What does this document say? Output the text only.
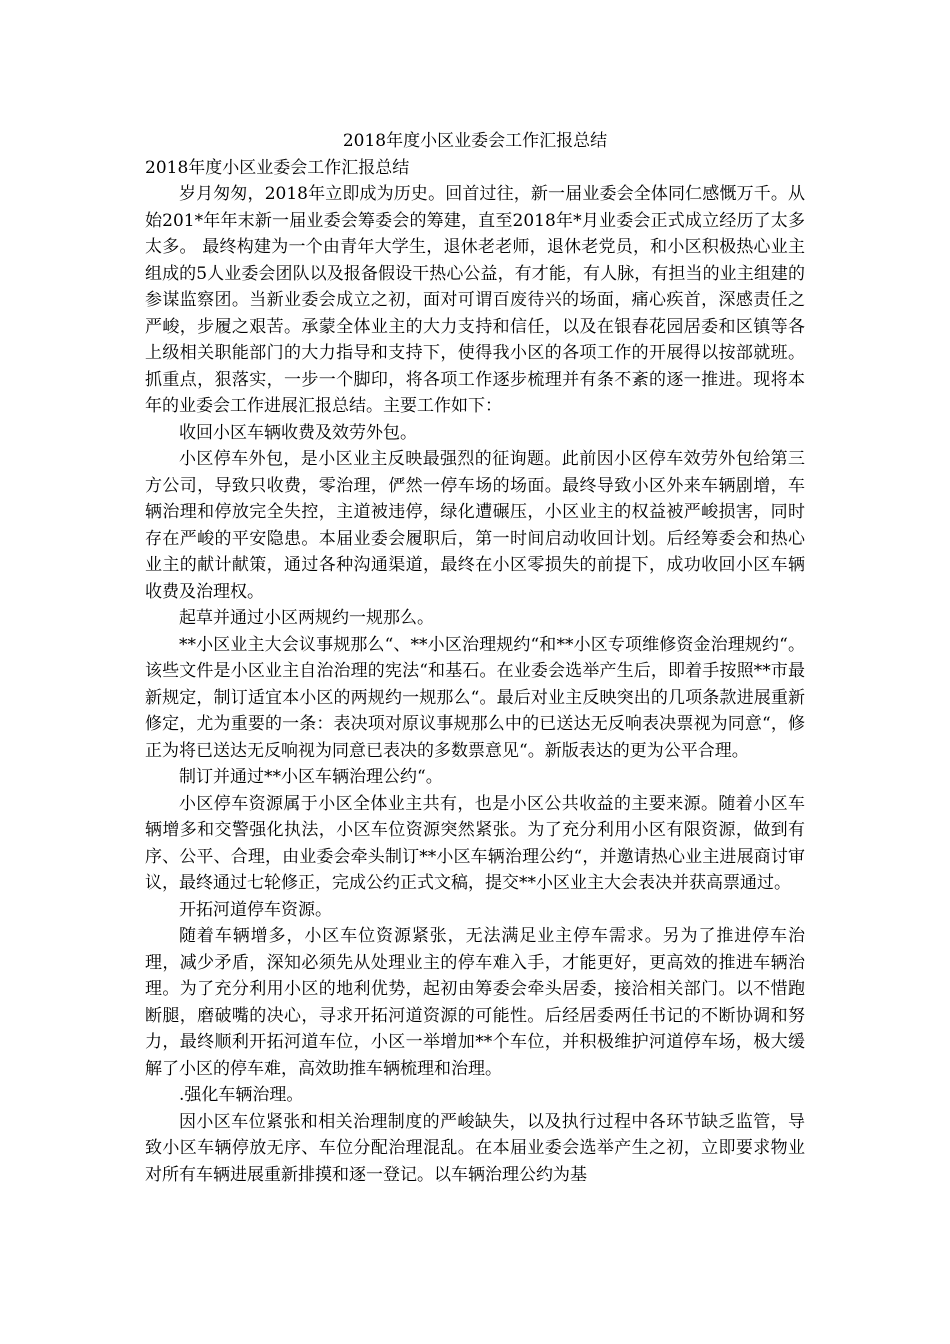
2018年度小区业委会工作汇报总结

2018年度小区业委会工作汇报总结

岁月匆匆，2018年立即成为历史。回首过往，新一届业委会全体同仁感慨万千。从始201*年年末新一届业委会筹委会的筹建，直至2018年*月业委会正式成立经历了太多太多。 最终构建为一个由青年大学生，退休老老师，退休老党员，和小区积极热心业主组成的5人业委会团队以及报备假设干热心公益，有才能，有人脉，有担当的业主组建的参谋监察团。当新业委会成立之初，面对可谓百废待兴的场面，痛心疾首，深感责任之严峻，步履之艰苦。承蒙全体业主的大力支持和信任，以及在银春花园居委和区镇等各上级相关职能部门的大力指导和支持下，使得我小区的各项工作的开展得以按部就班。抓重点，狠落实，一步一个脚印，将各项工作逐步梳理并有条不紊的逐一推进。现将本年的业委会工作进展汇报总结。主要工作如下：

收回小区车辆收费及效劳外包。

小区停车外包，是小区业主反映最强烈的征询题。此前因小区停车效劳外包给第三方公司，导致只收费，零治理，俨然一停车场的场面。最终导致小区外来车辆剧增，车辆治理和停放完全失控，主道被违停，绿化遭碾压，小区业主的权益被严峻损害，同时存在严峻的平安隐患。本届业委会履职后，第一时间启动收回计划。后经筹委会和热心业主的献计献策，通过各种沟通渠道，最终在小区零损失的前提下，成功收回小区车辆收费及治理权。

起草并通过小区两规约一规那么。

**小区业主大会议事规那么“、**小区治理规约“和**小区专项维修资金治理规约“。该些文件是小区业主自治治理的宪法“和基石。在业委会选举产生后，即着手按照**市最新规定，制订适宜本小区的两规约一规那么“。最后对业主反映突出的几项条款进展重新修定，尤为重要的一条：表决项对原议事规那么中的已送达无反响表决票视为同意“，修正为将已送达无反响视为同意已表决的多数票意见“。新版表达的更为公平合理。

制订并通过**小区车辆治理公约“。

小区停车资源属于小区全体业主共有，也是小区公共收益的主要来源。随着小区车辆增多和交警强化执法，小区车位资源突然紧张。为了充分利用小区有限资源，做到有序、公平、合理，由业委会牵头制订**小区车辆治理公约“，并邀请热心业主进展商讨审议，最终通过七轮修正，完成公约正式文稿，提交**小区业主大会表决并获高票通过。

开拓河道停车资源。

随着车辆增多，小区车位资源紧张，无法满足业主停车需求。另为了推进停车治理，减少矛盾，深知必须先从处理业主的停车难入手，才能更好，更高效的推进车辆治理。为了充分利用小区的地利优势，起初由筹委会牵头居委，接洽相关部门。以不惜跑断腿，磨破嘴的决心，寻求开拓河道资源的可能性。后经居委两任书记的不断协调和努力，最终顺利开拓河道车位，小区一举增加**个车位，并积极维护河道停车场，极大缓解了小区的停车难，高效助推车辆梳理和治理。

.强化车辆治理。

因小区车位紧张和相关治理制度的严峻缺失，以及执行过程中各环节缺乏监管，导致小区车辆停放无序、车位分配治理混乱。在本届业委会选举产生之初，立即要求物业对所有车辆进展重新排摸和逐一登记。以车辆治理公约为基
